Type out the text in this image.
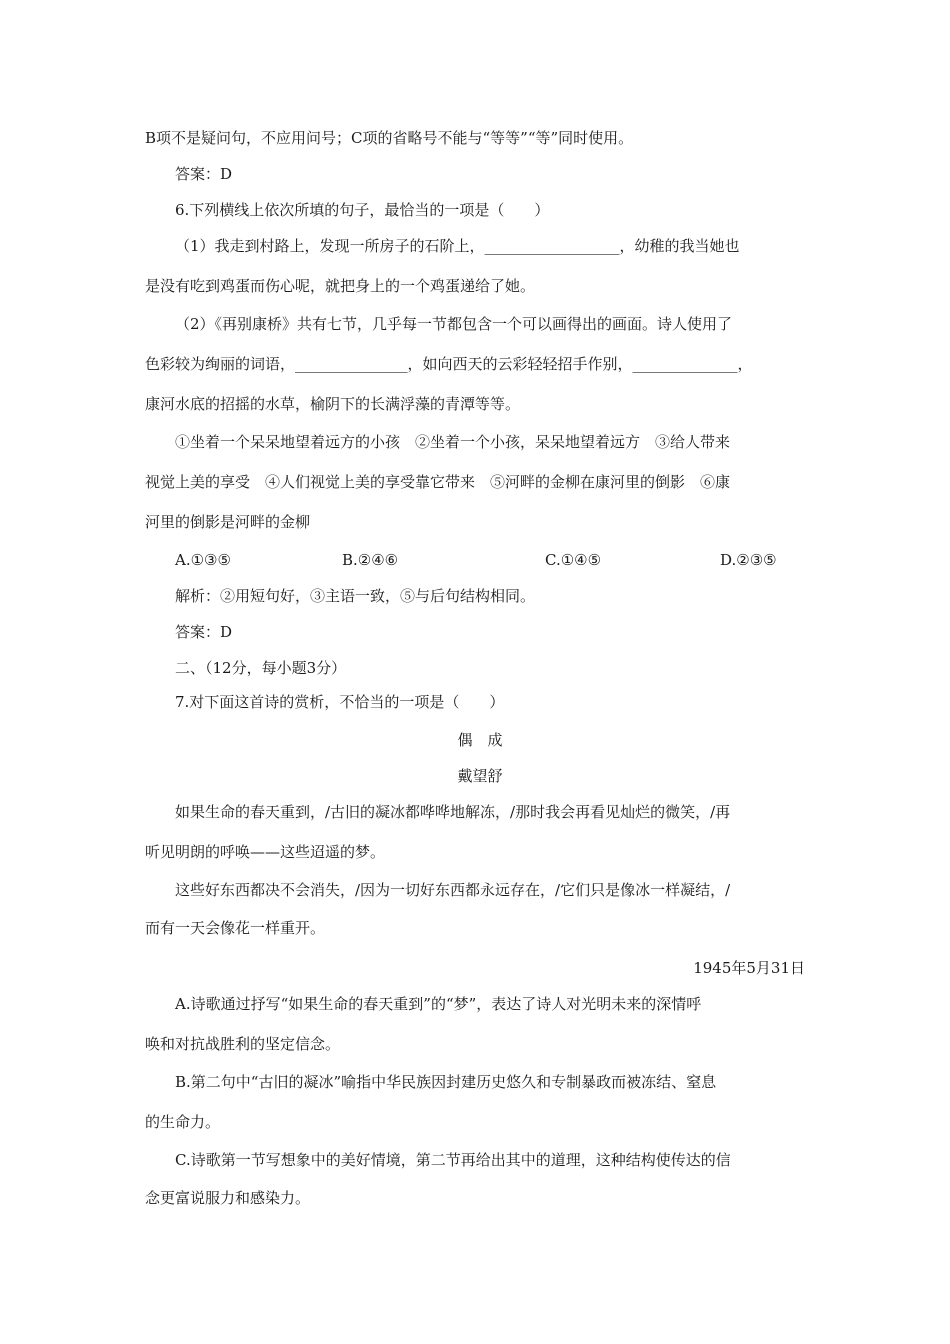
B项不是疑问句，不应用问号；C项的省略号不能与“等等”“等”同时使用。
答案：D
6.下列横线上依次所填的句子，最恰当的一项是（　　）
（1）我走到村路上，发现一所房子的石阶上，__________________，幼稚的我当她也
是没有吃到鸡蛋而伤心呢，就把身上的一个鸡蛋递给了她。
（2）《再别康桥》共有七节，几乎每一节都包含一个可以画得出的画面。诗人使用了
色彩较为绚丽的词语，_______________，如向西天的云彩轻轻招手作别，______________，
康河水底的招摇的水草，榆阴下的长满浮藻的青潭等等。
①坐着一个呆呆地望着远方的小孩　②坐着一个小孩，呆呆地望着远方　③给人带来
视觉上美的享受　④人们视觉上美的享受靠它带来　⑤河畔的金柳在康河里的倒影　⑥康
河里的倒影是河畔的金柳
A.①③⑤	B.②④⑥	C.①④⑤	D.②③⑤
解析：②用短句好，③主语一致，⑤与后句结构相同。
答案：D
二、（12分，每小题3分）
7.对下面这首诗的赏析，不恰当的一项是（　　）
偶　成
戴望舒
如果生命的春天重到，/古旧的凝冰都哗哗地解冻，/那时我会再看见灿烂的微笑，/再
听见明朗的呼唤——这些迢遥的梦。
这些好东西都决不会消失，/因为一切好东西都永远存在，/它们只是像冰一样凝结，/
而有一天会像花一样重开。
1945年5月31日
A.诗歌通过抒写“如果生命的春天重到”的“梦”，表达了诗人对光明未来的深情呼
唤和对抗战胜利的坚定信念。
B.第二句中“古旧的凝冰”喻指中华民族因封建历史悠久和专制暴政而被冻结、窒息
的生命力。
C.诗歌第一节写想象中的美好情境，第二节再给出其中的道理，这种结构使传达的信
念更富说服力和感染力。
